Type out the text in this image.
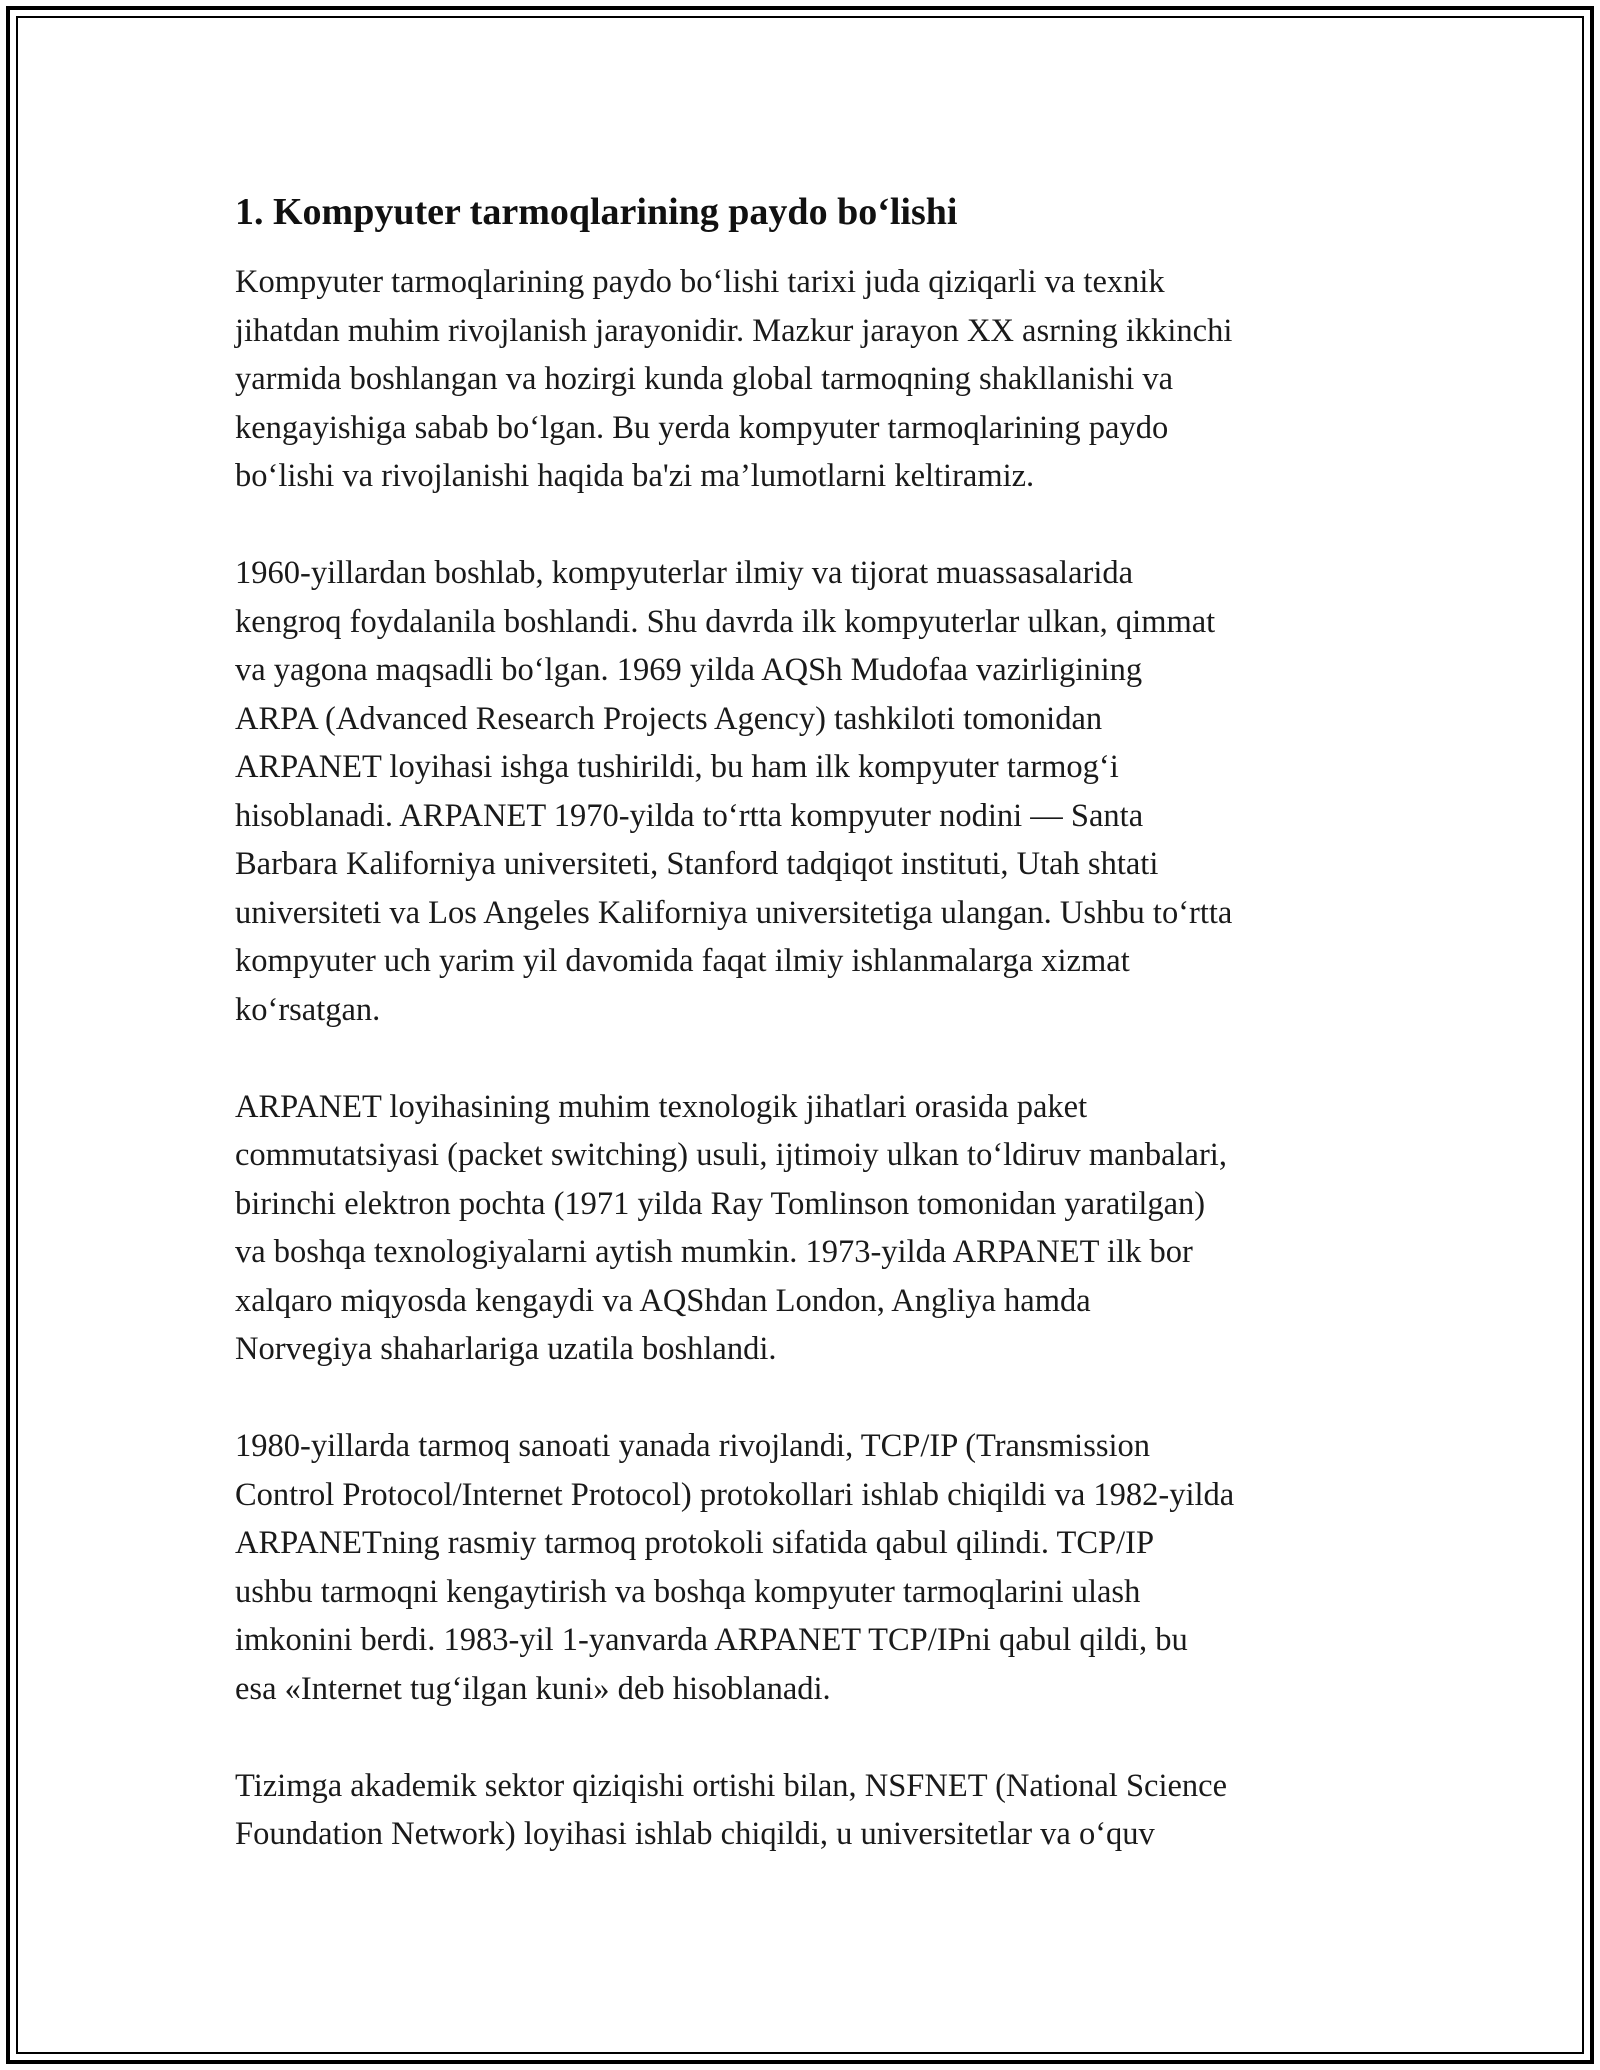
1. Kompyuter tarmoqlarining paydo bo‘lishi

Kompyuter tarmoqlarining paydo bo‘lishi tarixi juda qiziqarli va texnik
jihatdan muhim rivojlanish jarayonidir. Mazkur jarayon XX asrning ikkinchi
yarmida boshlangan va hozirgi kunda global tarmoqning shakllanishi va
kengayishiga sabab bo‘lgan. Bu yerda kompyuter tarmoqlarining paydo
bo‘lishi va rivojlanishi haqida ba'zi ma’lumotlarni keltiramiz.

1960-yillardan boshlab, kompyuterlar ilmiy va tijorat muassasalarida
kengroq foydalanila boshlandi. Shu davrda ilk kompyuterlar ulkan, qimmat
va yagona maqsadli bo‘lgan. 1969 yilda AQSh Mudofaa vazirligining
ARPA (Advanced Research Projects Agency) tashkiloti tomonidan
ARPANET loyihasi ishga tushirildi, bu ham ilk kompyuter tarmog‘i
hisoblanadi. ARPANET 1970-yilda to‘rtta kompyuter nodini — Santa
Barbara Kaliforniya universiteti, Stanford tadqiqot instituti, Utah shtati
universiteti va Los Angeles Kaliforniya universitetiga ulangan. Ushbu to‘rtta
kompyuter uch yarim yil davomida faqat ilmiy ishlanmalarga xizmat
ko‘rsatgan.

ARPANET loyihasining muhim texnologik jihatlari orasida paket
commutatsiyasi (packet switching) usuli, ijtimoiy ulkan to‘ldiruv manbalari,
birinchi elektron pochta (1971 yilda Ray Tomlinson tomonidan yaratilgan)
va boshqa texnologiyalarni aytish mumkin. 1973-yilda ARPANET ilk bor
xalqaro miqyosda kengaydi va AQShdan London, Angliya hamda
Norvegiya shaharlariga uzatila boshlandi.

1980-yillarda tarmoq sanoati yanada rivojlandi, TCP/IP (Transmission
Control Protocol/Internet Protocol) protokollari ishlab chiqildi va 1982-yilda
ARPANETning rasmiy tarmoq protokoli sifatida qabul qilindi. TCP/IP
ushbu tarmoqni kengaytirish va boshqa kompyuter tarmoqlarini ulash
imkonini berdi. 1983-yil 1-yanvarda ARPANET TCP/IPni qabul qildi, bu
esa «Internet tug‘ilgan kuni» deb hisoblanadi.

Tizimga akademik sektor qiziqishi ortishi bilan, NSFNET (National Science
Foundation Network) loyihasi ishlab chiqildi, u universitetlar va o‘quv
